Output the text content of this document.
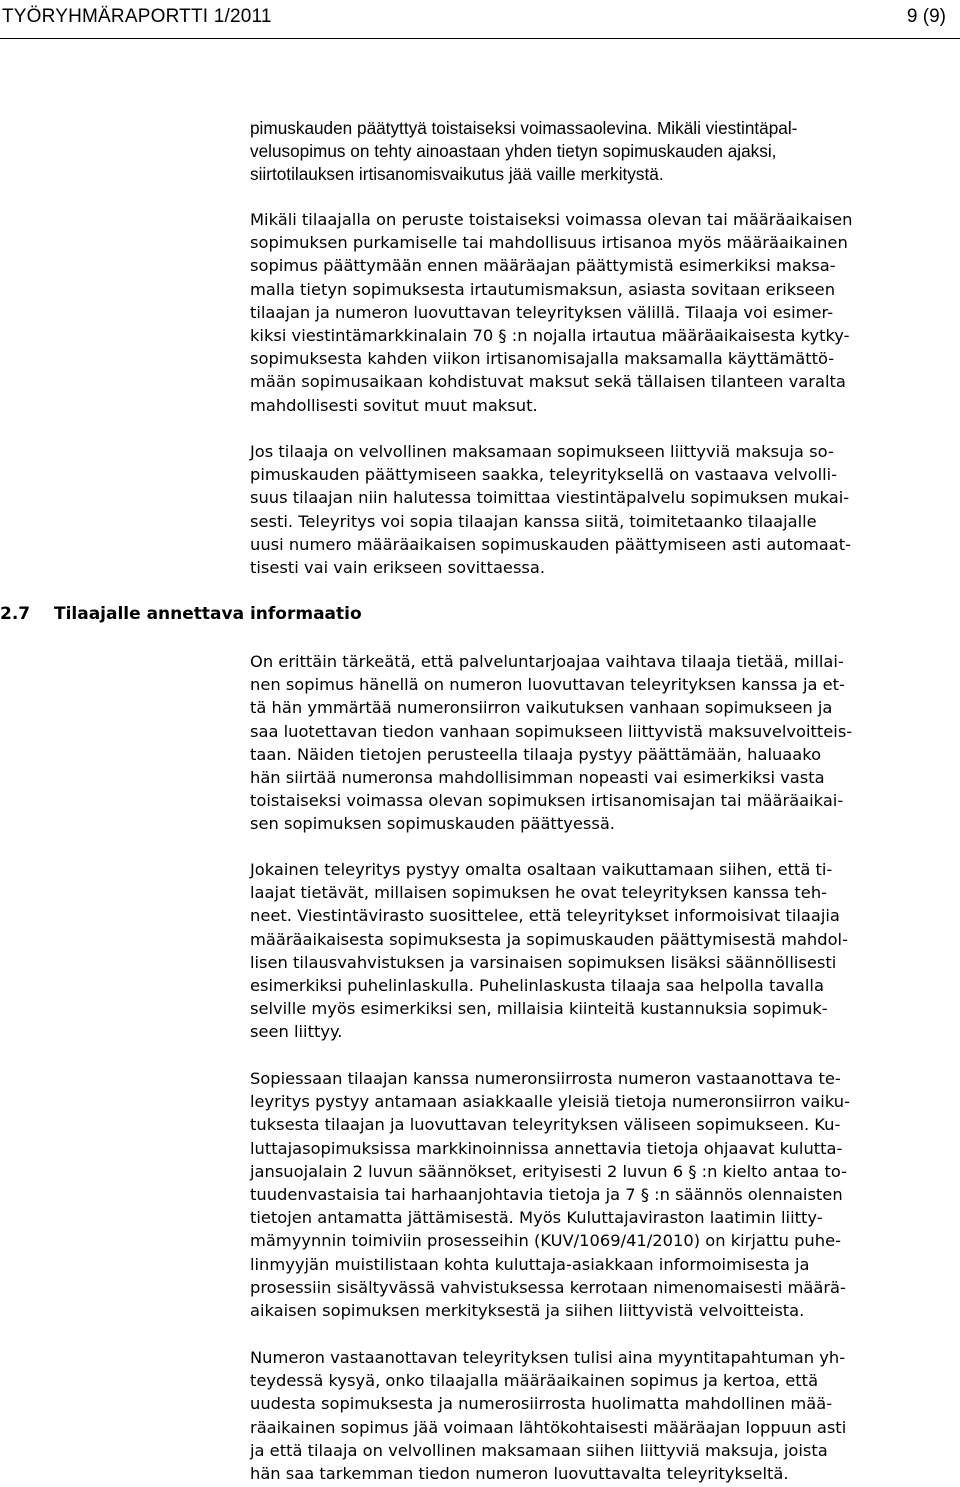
TYÖRYHMÄRAPORTTI 1/2011	9 (9)
pimuskauden päätyttyä toistaiseksi voimassaolevina. Mikäli viestintäpal-
velusopimus on tehty ainoastaan yhden tietyn sopimuskauden ajaksi,
siirtotilauksen irtisanomisvaikutus jää vaille merkitystä.
Mikäli tilaajalla on peruste toistaiseksi voimassa olevan tai määräaikaisen
sopimuksen purkamiselle tai mahdollisuus irtisanoa myös määräaikainen
sopimus päättymään ennen määräajan päättymistä esimerkiksi maksa-
malla tietyn sopimuksesta irtautumismaksun, asiasta sovitaan erikseen
tilaajan ja numeron luovuttavan teleyrityksen välillä. Tilaaja voi esimer-
kiksi viestintämarkkinalain 70 § :n nojalla irtautua määräaikaisesta kytky-
sopimuksesta kahden viikon irtisanomisajalla maksamalla käyttämättö-
mään sopimusaikaan kohdistuvat maksut sekä tällaisen tilanteen varalta
mahdollisesti sovitut muut maksut.
Jos tilaaja on velvollinen maksamaan sopimukseen liittyviä maksuja so-
pimuskauden päättymiseen saakka, teleyrityksellä on vastaava velvolli-
suus tilaajan niin halutessa toimittaa viestintäpalvelu sopimuksen mukai-
sesti. Teleyritys voi sopia tilaajan kanssa siitä, toimitetaanko tilaajalle
uusi numero määräaikaisen sopimuskauden päättymiseen asti automaat-
tisesti vai vain erikseen sovittaessa.
2.7 Tilaajalle annettava informaatio
On erittäin tärkeätä, että palveluntarjoajaa vaihtava tilaaja tietää, millai-
nen sopimus hänellä on numeron luovuttavan teleyrityksen kanssa ja et-
tä hän ymmärtää numeronsiirron vaikutuksen vanhaan sopimukseen ja
saa luotettavan tiedon vanhaan sopimukseen liittyvistä maksuvelvoitteis-
taan. Näiden tietojen perusteella tilaaja pystyy päättämään, haluaako
hän siirtää numeronsa mahdollisimman nopeasti vai esimerkiksi vasta
toistaiseksi voimassa olevan sopimuksen irtisanomisajan tai määräaikai-
sen sopimuksen sopimuskauden päättyessä.
Jokainen teleyritys pystyy omalta osaltaan vaikuttamaan siihen, että ti-
laajat tietävät, millaisen sopimuksen he ovat teleyrityksen kanssa teh-
neet. Viestintävirasto suosittelee, että teleyritykset informoisivat tilaajia
määräaikaisesta sopimuksesta ja sopimuskauden päättymisestä mahdol-
lisen tilausvahvistuksen ja varsinaisen sopimuksen lisäksi säännöllisesti
esimerkiksi puhelinlaskulla. Puhelinlaskusta tilaaja saa helpolla tavalla
selville myös esimerkiksi sen, millaisia kiinteitä kustannuksia sopimuk-
seen liittyy.
Sopiessaan tilaajan kanssa numeronsiirrosta numeron vastaanottava te-
leyritys pystyy antamaan asiakkaalle yleisiä tietoja numeronsiirron vaiku-
tuksesta tilaajan ja luovuttavan teleyrityksen väliseen sopimukseen. Ku-
luttajasopimuksissa markkinoinnissa annettavia tietoja ohjaavat kulutta-
jansuojalain 2 luvun säännökset, erityisesti 2 luvun 6 § :n kielto antaa to-
tuudenvastaisia tai harhaanjohtavia tietoja ja 7 § :n säännös olennaisten
tietojen antamatta jättämisestä. Myös Kuluttajaviraston laatimin liitty-
mämyynnin toimiviin prosesseihin (KUV/1069/41/2010) on kirjattu puhe-
linmyyjän muistilistaan kohta kuluttaja-asiakkaan informoimisesta ja
prosessiin sisältyvässä vahvistuksessa kerrotaan nimenomaisesti määrä-
aikaisen sopimuksen merkityksestä ja siihen liittyvistä velvoitteista.
Numeron vastaanottavan teleyrityksen tulisi aina myyntitapahtuman yh-
teydessä kysyä, onko tilaajalla määräaikainen sopimus ja kertoa, että
uudesta sopimuksesta ja numerosiirrosta huolimatta mahdollinen mää-
räaikainen sopimus jää voimaan lähtökohtaisesti määräajan loppuun asti
ja että tilaaja on velvollinen maksamaan siihen liittyviä maksuja, joista
hän saa tarkemman tiedon numeron luovuttavalta teleyritykseltä.
